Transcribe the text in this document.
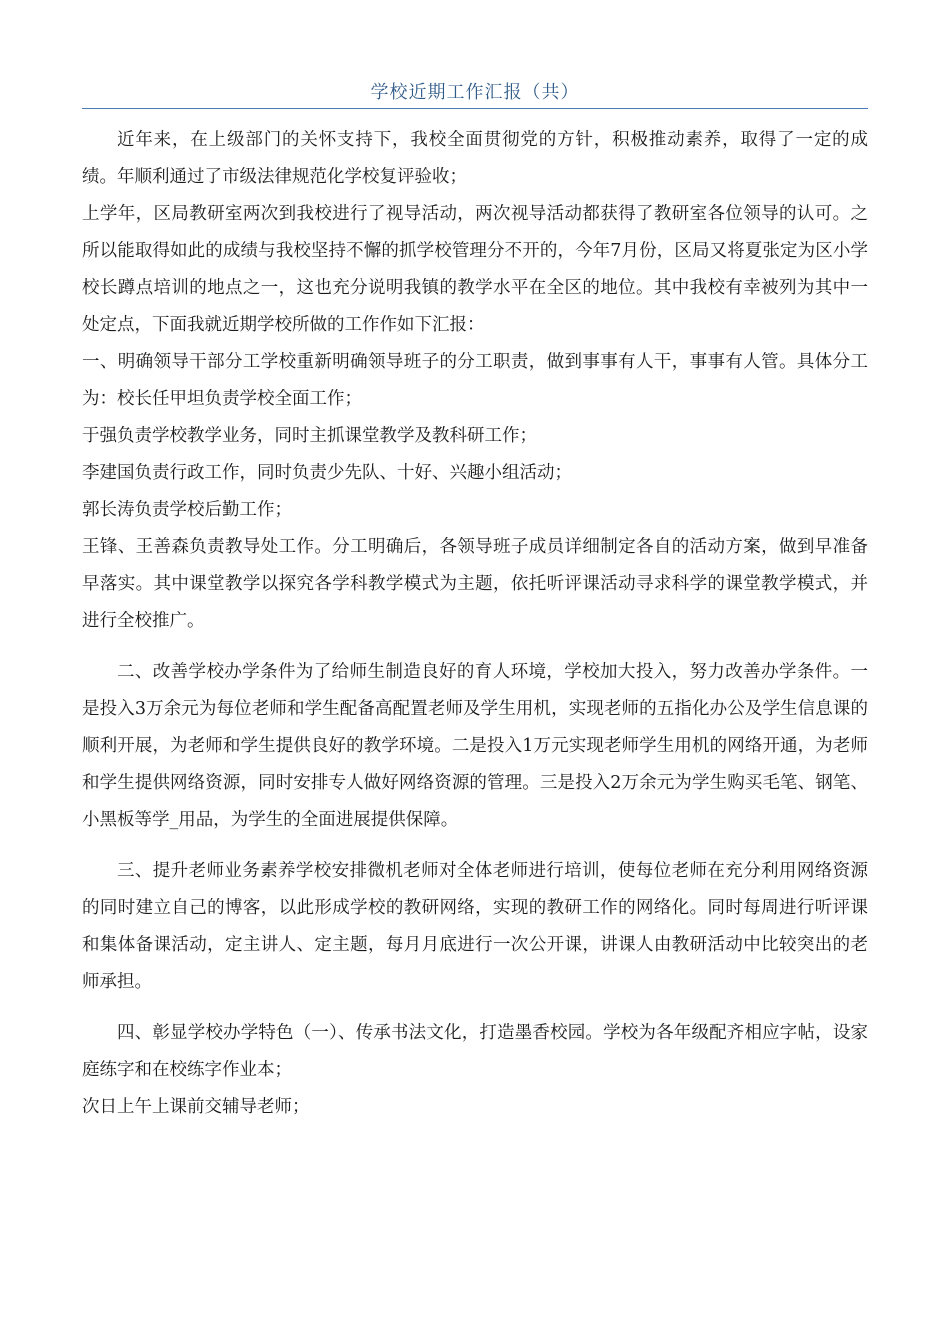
学校近期工作汇报（共）

近年来，在上级部门的关怀支持下，我校全面贯彻党的方针，积极推动素养，取得了一定的成绩。年顺利通过了市级法律规范化学校复评验收；

上学年，区局教研室两次到我校进行了视导活动，两次视导活动都获得了教研室各位领导的认可。之所以能取得如此的成绩与我校坚持不懈的抓学校管理分不开的，今年7月份，区局又将夏张定为区小学校长蹲点培训的地点之一，这也充分说明我镇的教学水平在全区的地位。其中我校有幸被列为其中一处定点，下面我就近期学校所做的工作作如下汇报：

一、明确领导干部分工学校重新明确领导班子的分工职责，做到事事有人干，事事有人管。具体分工为：校长任甲坦负责学校全面工作；

于强负责学校教学业务，同时主抓课堂教学及教科研工作；

李建国负责行政工作，同时负责少先队、十好、兴趣小组活动；

郭长涛负责学校后勤工作；

王锋、王善森负责教导处工作。分工明确后，各领导班子成员详细制定各自的活动方案，做到早准备早落实。其中课堂教学以探究各学科教学模式为主题，依托听评课活动寻求科学的课堂教学模式，并进行全校推广。

二、改善学校办学条件为了给师生制造良好的育人环境，学校加大投入，努力改善办学条件。一是投入3万余元为每位老师和学生配备高配置老师及学生用机，实现老师的五指化办公及学生信息课的顺利开展，为老师和学生提供良好的教学环境。二是投入1万元实现老师学生用机的网络开通，为老师和学生提供网络资源，同时安排专人做好网络资源的管理。三是投入2万余元为学生购买毛笔、钢笔、小黑板等学_用品，为学生的全面进展提供保障。

三、提升老师业务素养学校安排微机老师对全体老师进行培训，使每位老师在充分利用网络资源的同时建立自己的博客，以此形成学校的教研网络，实现的教研工作的网络化。同时每周进行听评课和集体备课活动，定主讲人、定主题，每月月底进行一次公开课，讲课人由教研活动中比较突出的老师承担。

四、彰显学校办学特色（一）、传承书法文化，打造墨香校园。学校为各年级配齐相应字帖，设家庭练字和在校练字作业本；

次日上午上课前交辅导老师；
